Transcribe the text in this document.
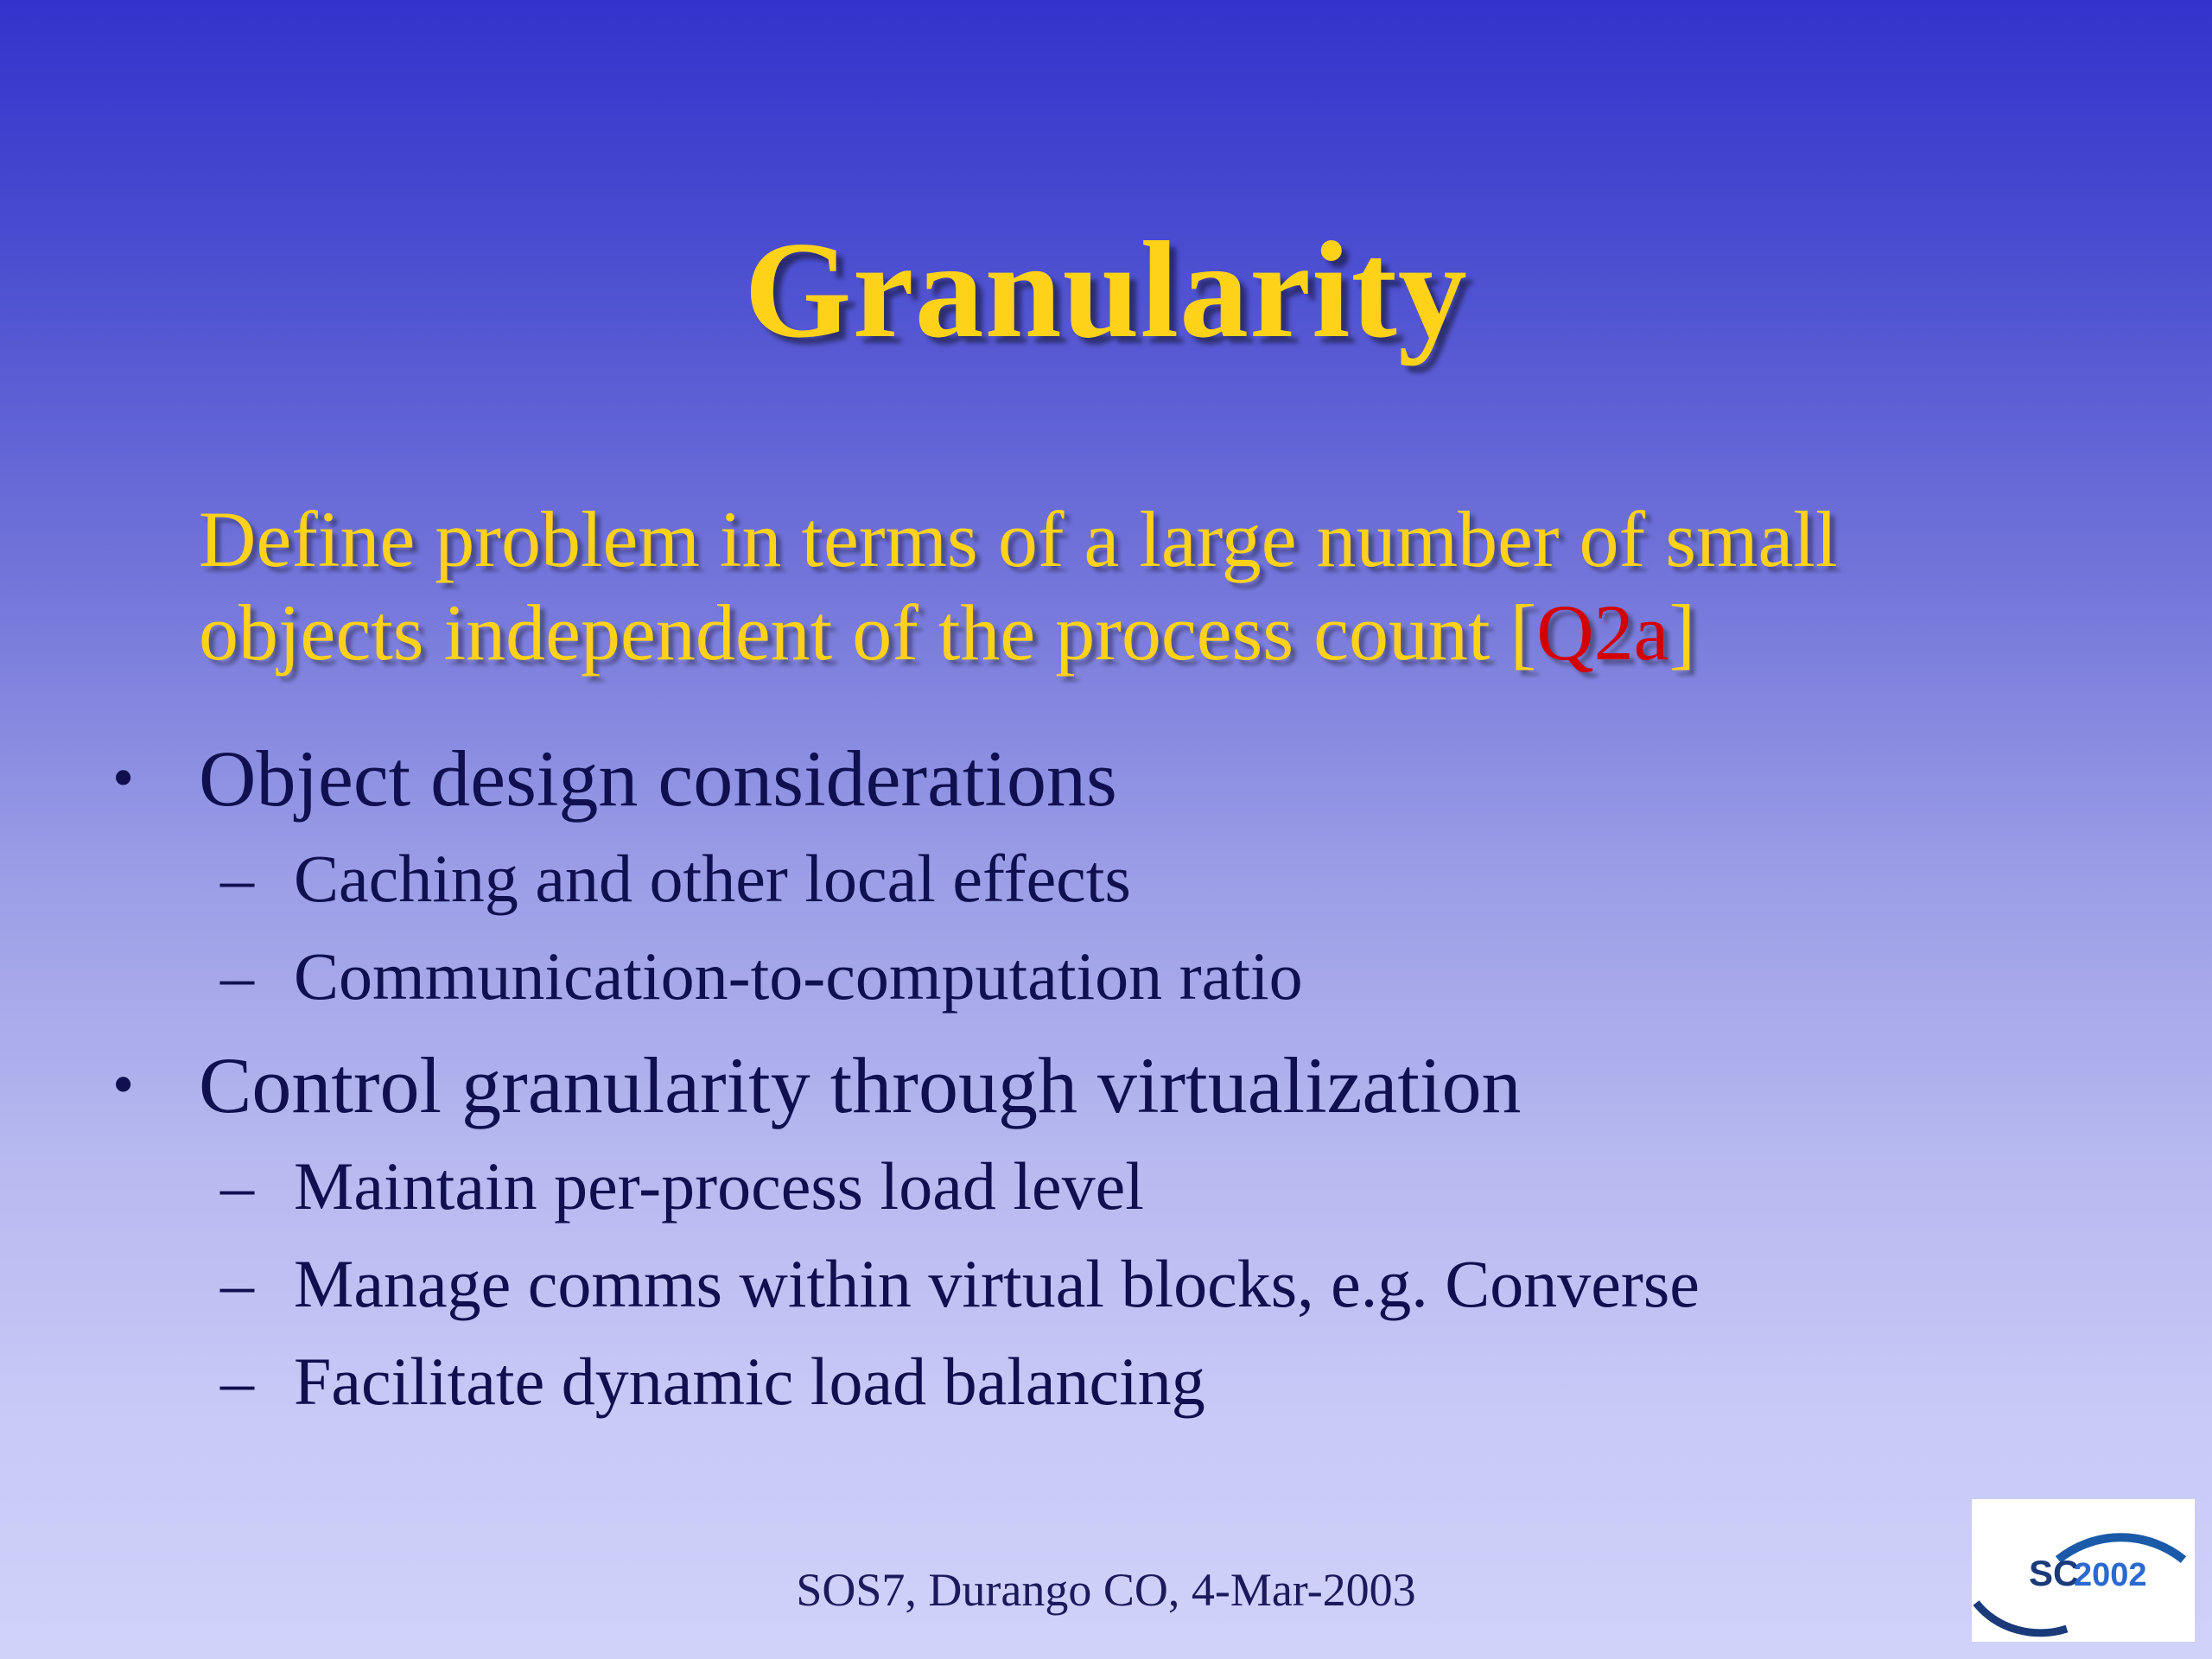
Granularity
Define problem in terms of a large number of small objects independent of the process count [Q2a]
• Object design considerations
– Caching and other local effects
– Communication-to-computation ratio
• Control granularity through virtualization
– Maintain per-process load level
– Manage comms within virtual blocks, e.g. Converse
– Facilitate dynamic load balancing
SOS7, Durango CO, 4-Mar-2003	SC
2002
